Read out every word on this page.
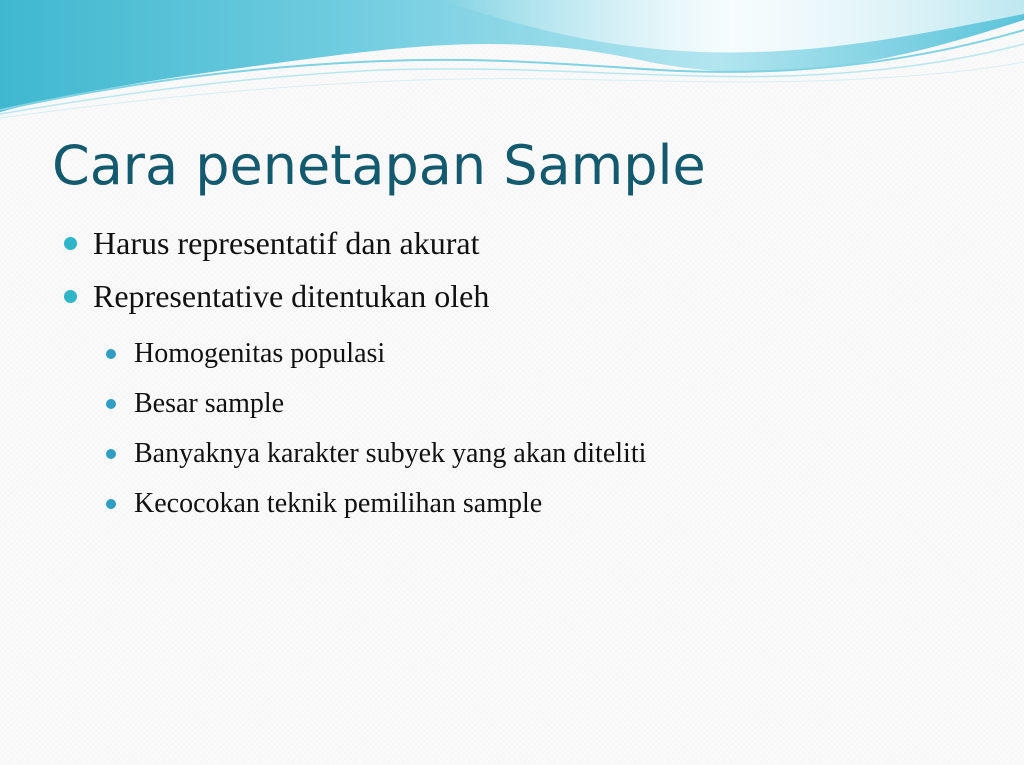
Cara penetapan Sample
Harus representatif dan akurat
Representative ditentukan oleh
Homogenitas populasi
Besar sample
Banyaknya karakter subyek yang akan diteliti
Kecocokan teknik pemilihan sample
